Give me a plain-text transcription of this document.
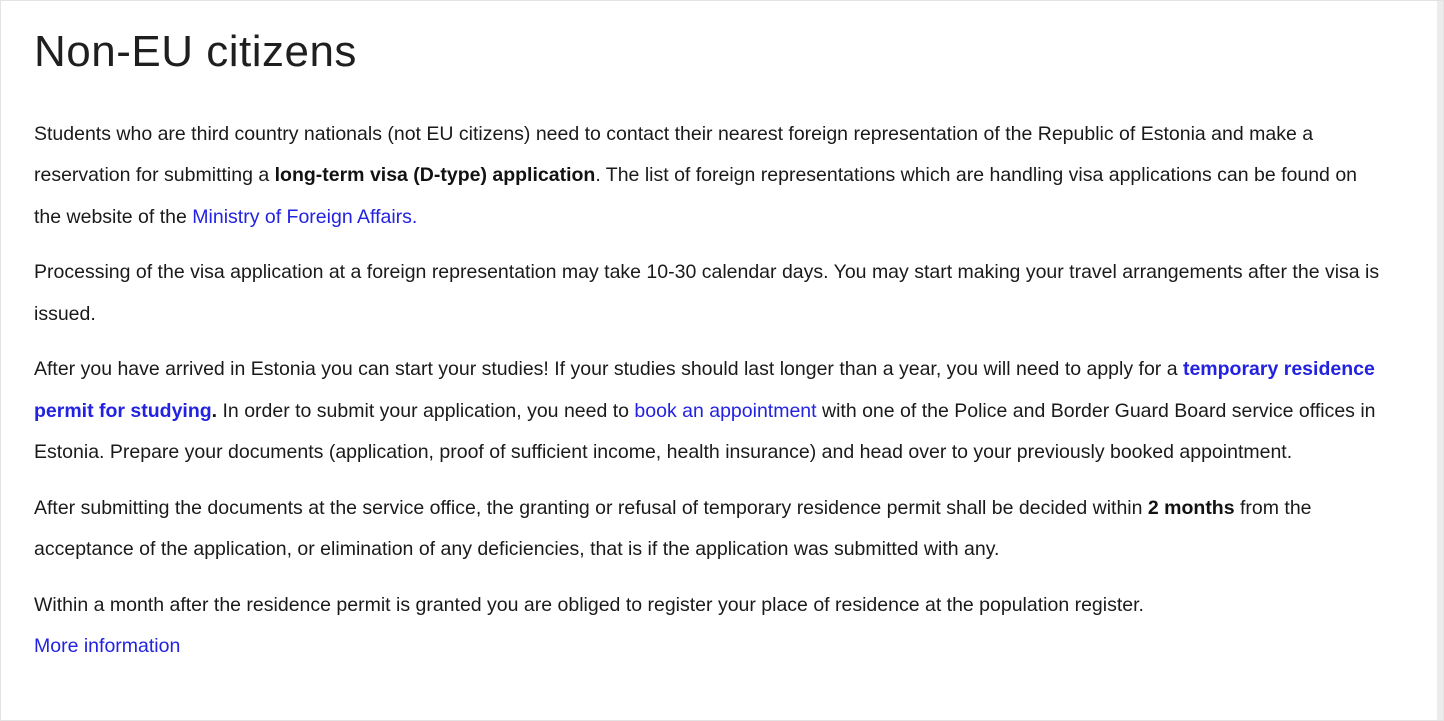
Non-EU citizens

Students who are third country nationals (not EU citizens) need to contact their nearest foreign representation of the Republic of Estonia and make a reservation for submitting a long-term visa (D-type) application. The list of foreign representations which are handling visa applications can be found on the website of the Ministry of Foreign Affairs.

Processing of the visa application at a foreign representation may take 10-30 calendar days. You may start making your travel arrangements after the visa is issued.

After you have arrived in Estonia you can start your studies! If your studies should last longer than a year, you will need to apply for a temporary residence permit for studying. In order to submit your application, you need to book an appointment with one of the Police and Border Guard Board service offices in Estonia. Prepare your documents (application, proof of sufficient income, health insurance) and head over to your previously booked appointment.

After submitting the documents at the service office, the granting or refusal of temporary residence permit shall be decided within 2 months from the acceptance of the application, or elimination of any deficiencies, that is if the application was submitted with any.

Within a month after the residence permit is granted you are obliged to register your place of residence at the population register.

More information
